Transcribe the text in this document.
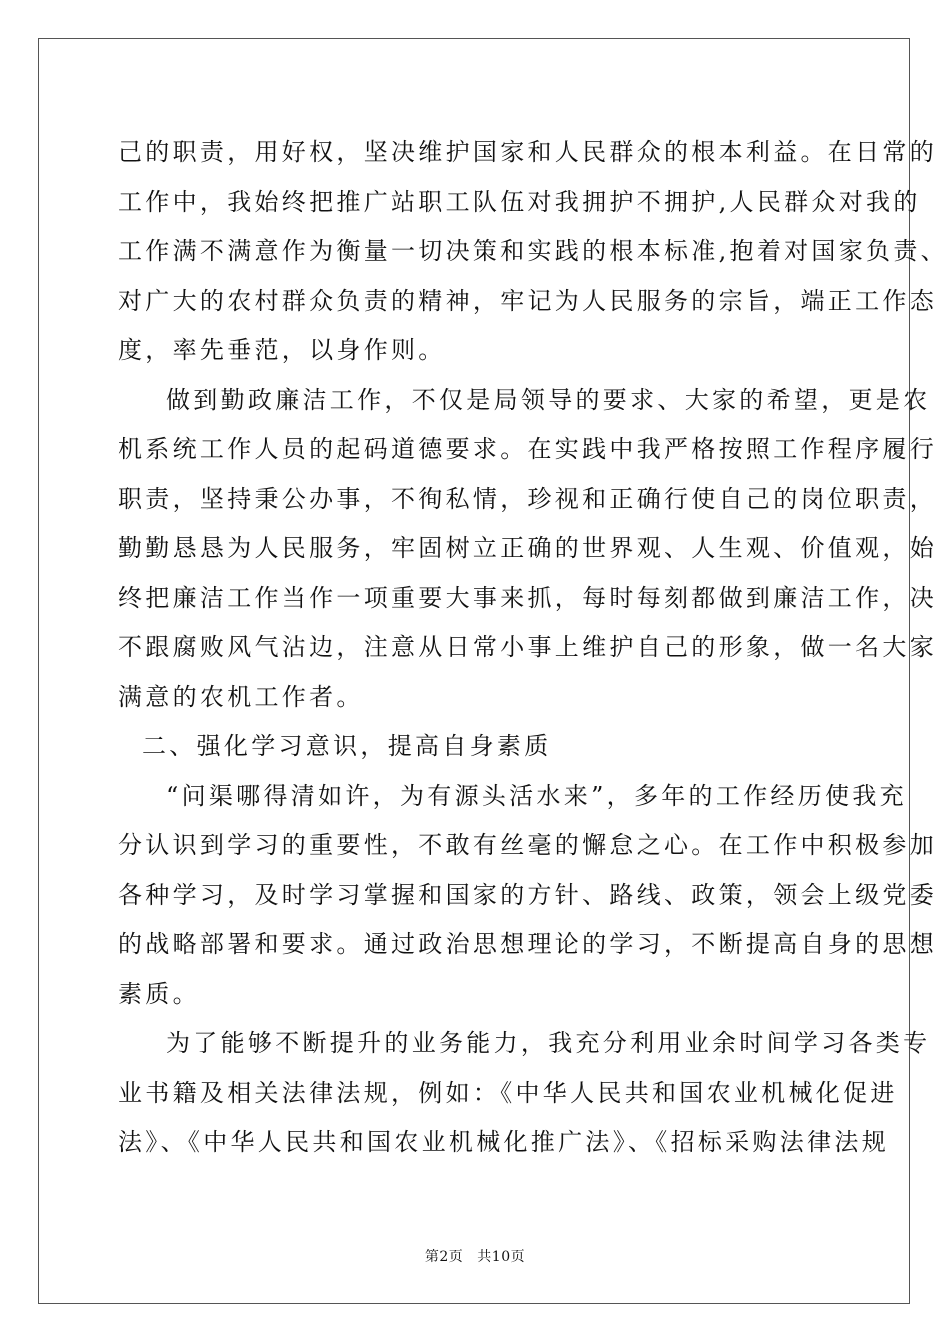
己的职责，用好权，坚决维护国家和人民群众的根本利益。在日常的
工作中，我始终把推广站职工队伍对我拥护不拥护,人民群众对我的
工作满不满意作为衡量一切决策和实践的根本标准,抱着对国家负责、
对广大的农村群众负责的精神，牢记为人民服务的宗旨，端正工作态
度，率先垂范，以身作则。

做到勤政廉洁工作，不仅是局领导的要求、大家的希望，更是农
机系统工作人员的起码道德要求。在实践中我严格按照工作程序履行
职责，坚持秉公办事，不徇私情，珍视和正确行使自己的岗位职责，
勤勤恳恳为人民服务，牢固树立正确的世界观、人生观、价值观，始
终把廉洁工作当作一项重要大事来抓，每时每刻都做到廉洁工作，决
不跟腐败风气沾边，注意从日常小事上维护自己的形象，做一名大家
满意的农机工作者。

二、强化学习意识，提高自身素质

“问渠哪得清如许，为有源头活水来”，多年的工作经历使我充
分认识到学习的重要性，不敢有丝毫的懈怠之心。在工作中积极参加
各种学习，及时学习掌握和国家的方针、路线、政策，领会上级党委
的战略部署和要求。通过政治思想理论的学习，不断提高自身的思想
素质。

为了能够不断提升的业务能力，我充分利用业余时间学习各类专
业书籍及相关法律法规，例如：《中华人民共和国农业机械化促进
法》、《中华人民共和国农业机械化推广法》、《招标采购法律法规

第2页 共10页
